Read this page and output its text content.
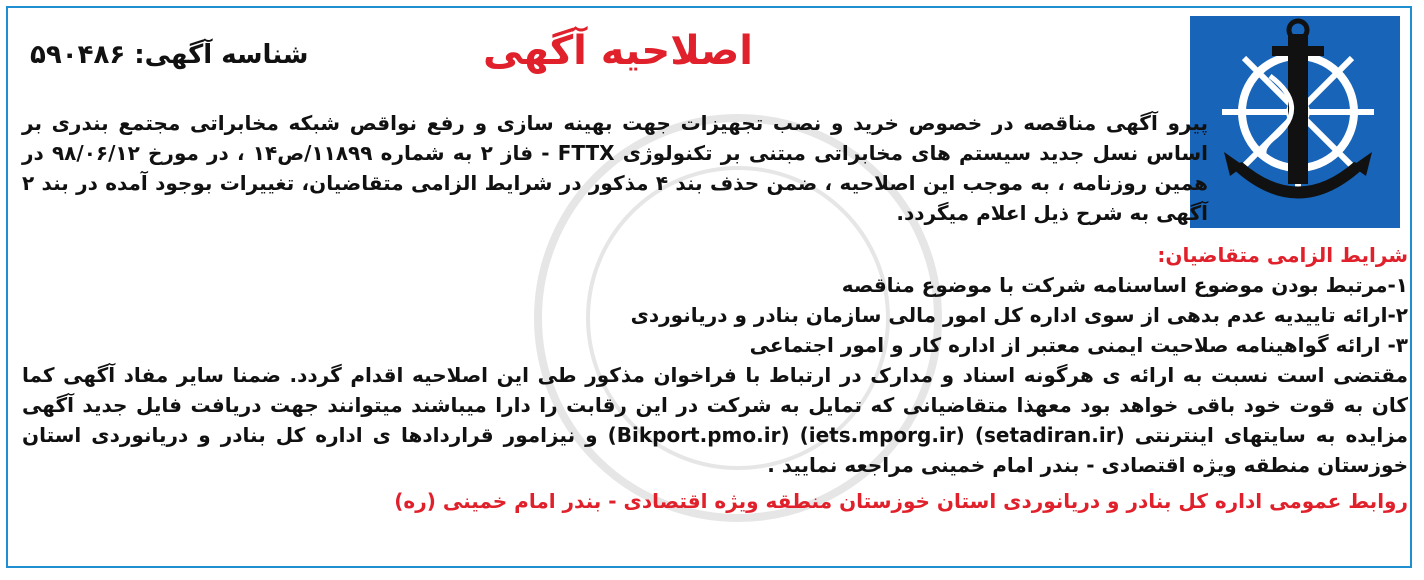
شناسه آگهی: ۵۹۰۴۸۶	اصلاحیه آگهی
پیرو آگهی مناقصه در خصوص خرید و نصب تجهیزات جهت بهینه سازی و رفع نواقص شبکه مخابراتی مجتمع بندری بر اساس نسل جدید سیستم های مخابراتی مبتنی بر تکنولوژی FTTX - فاز ۲ به شماره ۱۱۸۹۹/ص۱۴ ، در مورخ ۹۸/۰۶/۱۲ در همین روزنامه ، به موجب این اصلاحیه ، ضمن حذف بند ۴ مذکور در شرایط الزامی متقاضیان، تغییرات بوجود آمده در بند ۲ آگهی به شرح ذیل اعلام میگردد.
شرایط الزامی متقاضیان:
۱-مرتبط بودن موضوع اساسنامه شرکت با موضوع مناقصه
۲-ارائه تاییدیه عدم بدهی از سوی اداره کل امور مالی سازمان بنادر و دریانوردی
۳- ارائه گواهینامه صلاحیت ایمنی معتبر از اداره کار و امور اجتماعی
مقتضی است نسبت به ارائه ی هرگونه اسناد و مدارک در ارتباط با فراخوان مذکور طی این اصلاحیه اقدام گردد. ضمنا سایر مفاد آگهی کما کان به قوت خود باقی خواهد بود معهذا متقاضیانی که تمایل به شرکت در این رقابت را دارا میباشند میتوانند جهت دریافت فایل جدید آگهی مزایده به سایتهای اینترنتی (setadiran.ir) (iets.mporg.ir) (Bikport.pmo.ir) و نیزامور قراردادها ی اداره کل بنادر و دریانوردی استان خوزستان منطقه ویژه اقتصادی - بندر امام خمینی مراجعه نمایید .
روابط عمومی اداره کل بنادر و دریانوردی استان خوزستان منطقه ویژه اقتصادی - بندر امام خمینی (ره)
